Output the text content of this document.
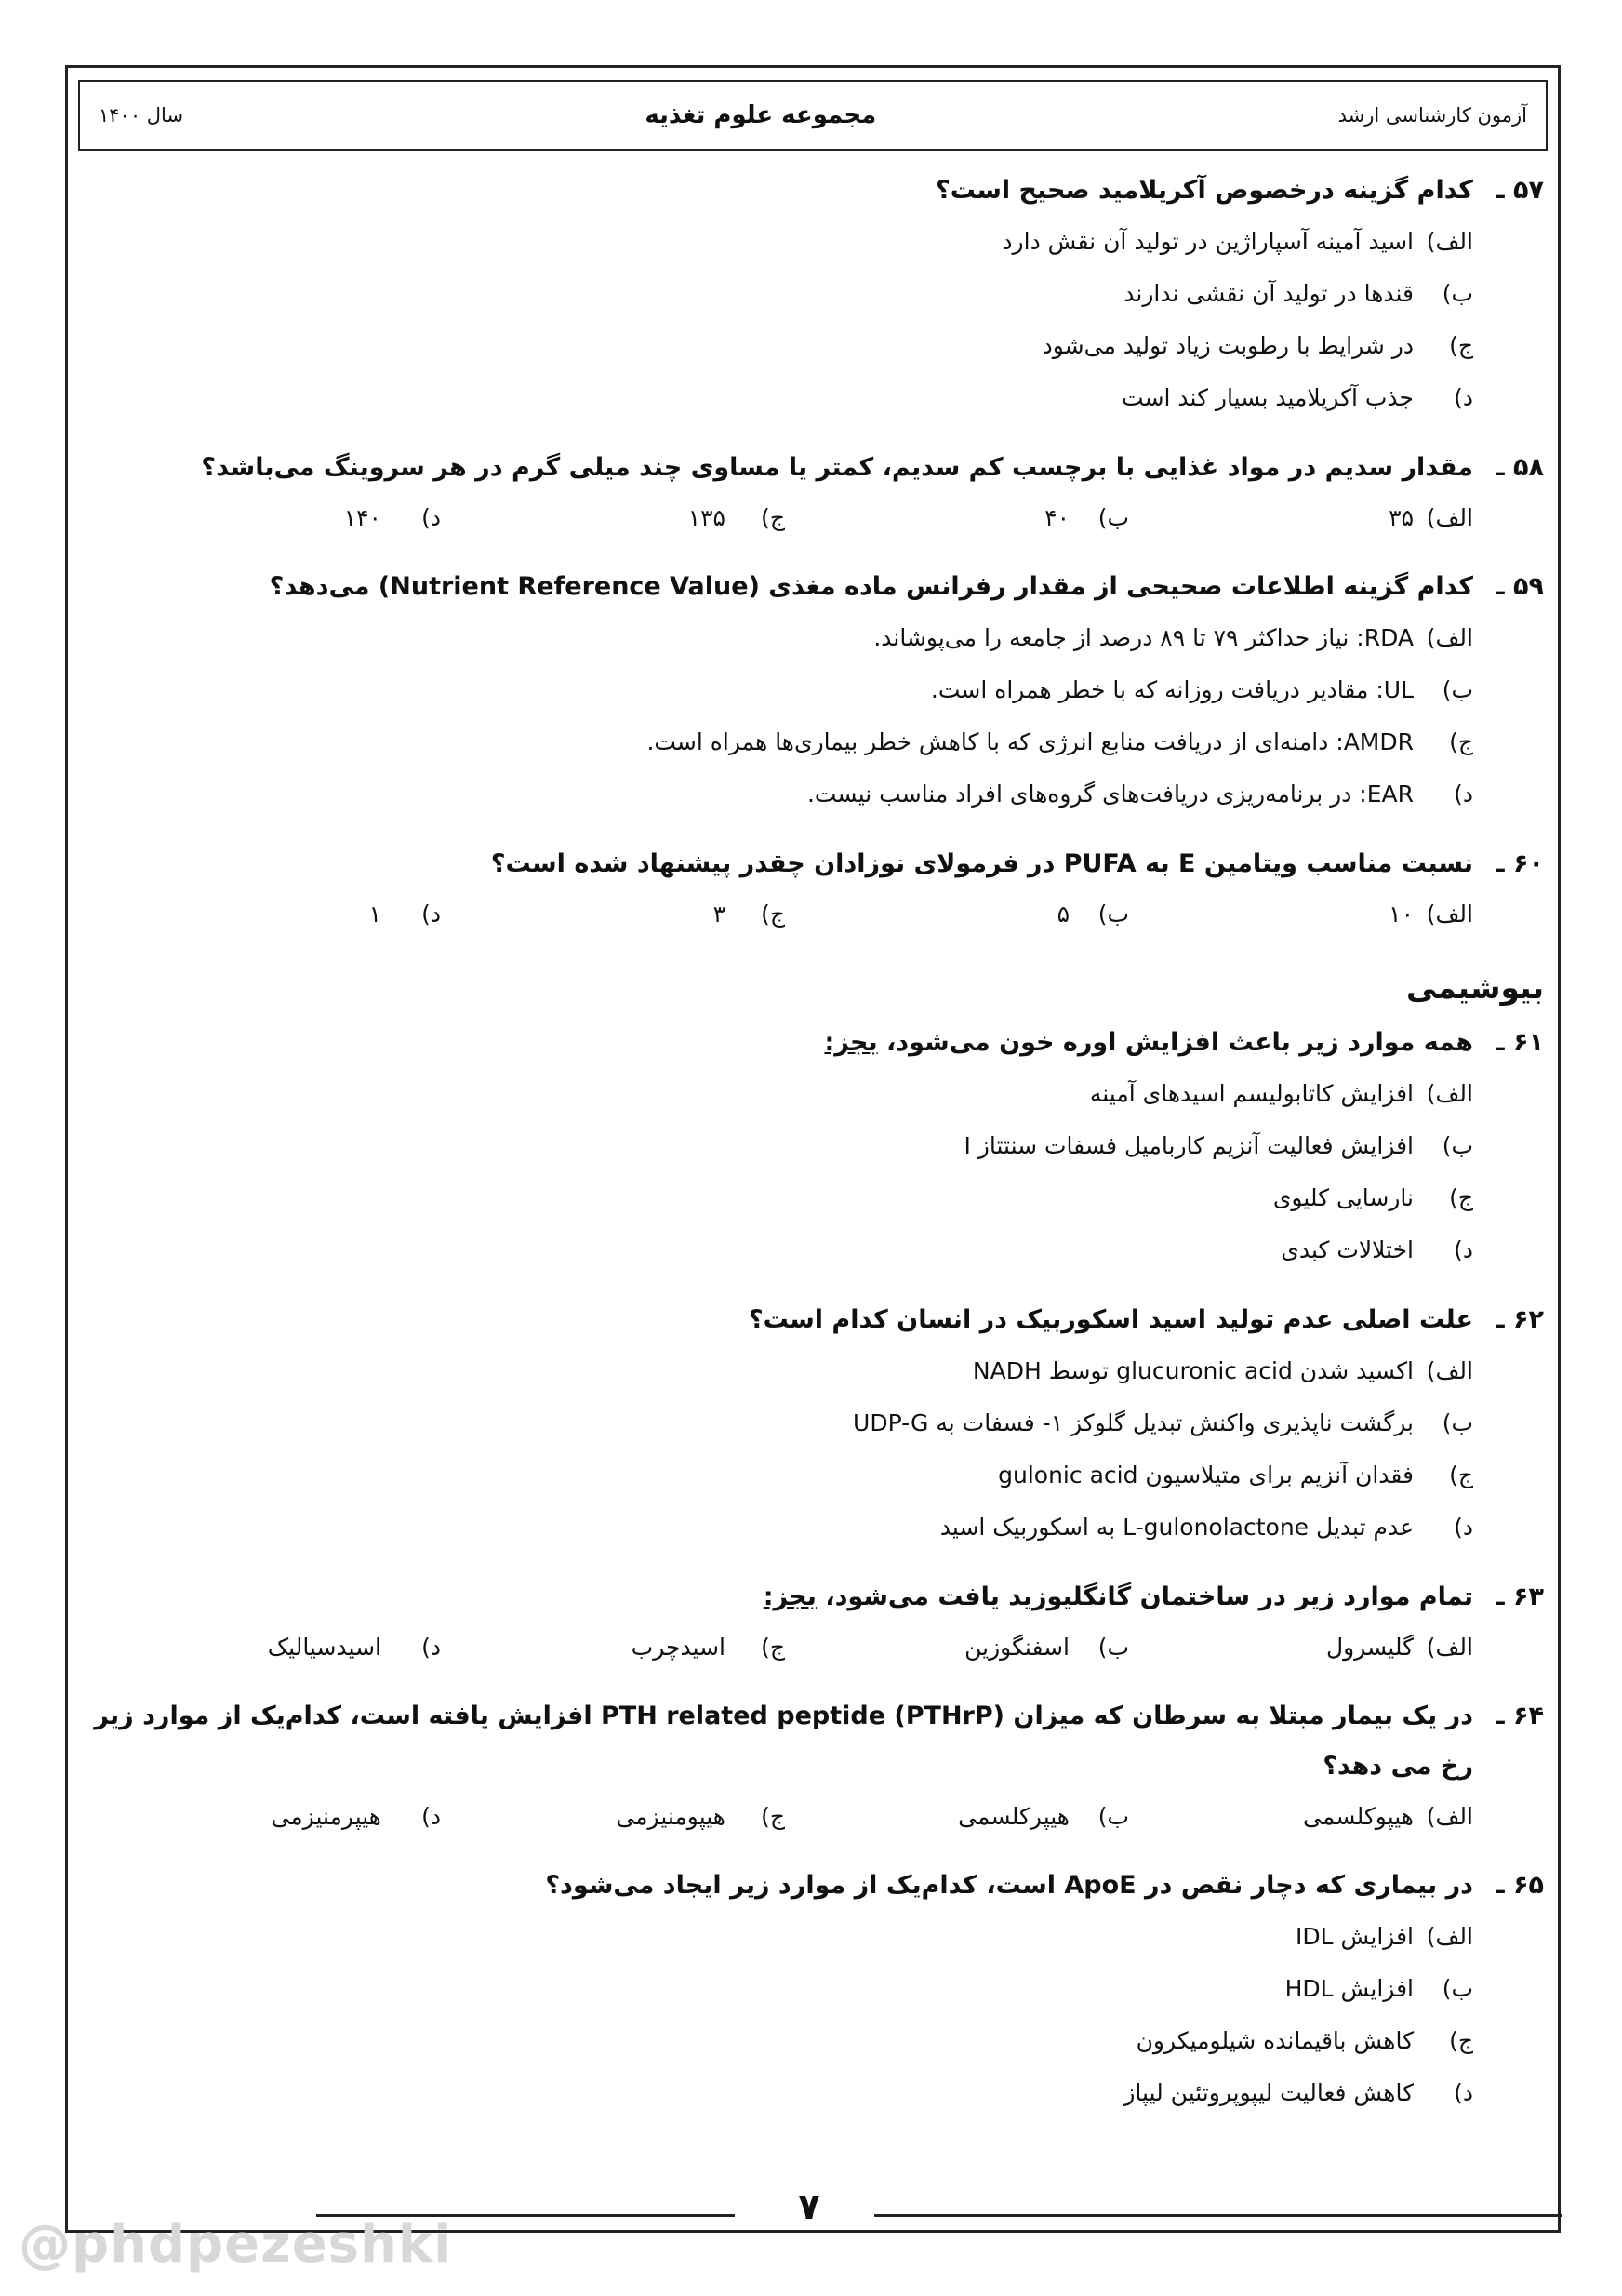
آزمون کارشناسی ارشد
مجموعه علوم تغذیه
سال ۱۴۰۰
۵۷ ـ
کدام گزینه درخصوص آکریلامید صحیح است؟
الف)
اسید آمینه آسپاراژین در تولید آن نقش دارد
ب)
قندها در تولید آن نقشی ندارند
ج)
در شرایط با رطوبت زیاد تولید می‌شود
د)
جذب آکریلامید بسیار کند است
۵۸ ـ
مقدار سدیم در مواد غذایی با برچسب کم سدیم، کمتر یا مساوی چند میلی گرم در هر سروینگ می‌باشد؟
الف)
۳۵
ب)
۴۰
ج)
۱۳۵
د)
۱۴۰
۵۹ ـ
کدام گزینه اطلاعات صحیحی از مقدار رفرانس ماده مغذی (Nutrient Reference Value) می‌دهد؟
الف)
RDA: نیاز حداکثر ۷۹ تا ۸۹ درصد از جامعه را می‌پوشاند.
ب)
UL: مقادیر دریافت روزانه که با خطر همراه است.
ج)
AMDR: دامنه‌ای از دریافت منابع انرژی که با کاهش خطر بیماری‌ها همراه است.
د)
EAR: در برنامه‌ریزی دریافت‌های گروه‌های افراد مناسب نیست.
۶۰ ـ
نسبت مناسب ویتامین E به PUFA در فرمولای نوزادان چقدر پیشنهاد شده است؟
الف)
۱۰
ب)
۵
ج)
۳
د)
۱
بیوشیمی
۶۱ ـ
همه موارد زیر باعث افزایش اوره خون می‌شود، بجز:
الف)
افزایش کاتابولیسم اسیدهای آمینه
ب)
افزایش فعالیت آنزیم کاربامیل فسفات سنتتاز I
ج)
نارسایی کلیوی
د)
اختلالات کبدی
۶۲ ـ
علت اصلی عدم تولید اسید اسکوربیک در انسان کدام است؟
الف)
اکسید شدن glucuronic acid توسط NADH
ب)
برگشت ناپذیری واکنش تبدیل گلوکز ۱- فسفات به UDP-G
ج)
فقدان آنزیم برای متیلاسیون gulonic acid
د)
عدم تبدیل L-gulonolactone به اسکوربیک اسید
۶۳ ـ
تمام موارد زیر در ساختمان گانگلیوزید یافت می‌شود، بجز:
الف)
گلیسرول
ب)
اسفنگوزین
ج)
اسیدچرب
د)
اسیدسیالیک
۶۴ ـ
در یک بیمار مبتلا به سرطان که میزان PTH related peptide (PTHrP) افزایش یافته است، کدام‌یک از موارد زیر رخ می دهد؟
الف)
هیپوکلسمی
ب)
هیپرکلسمی
ج)
هیپومنیزمی
د)
هیپرمنیزمی
۶۵ ـ
در بیماری که دچار نقص در ApoE است، کدام‌یک از موارد زیر ایجاد می‌شود؟
الف)
افزایش IDL
ب)
افزایش HDL
ج)
کاهش باقیمانده شیلومیکرون
د)
کاهش فعالیت لیپوپروتئین لیپاز
۷
@phdpezeshki
